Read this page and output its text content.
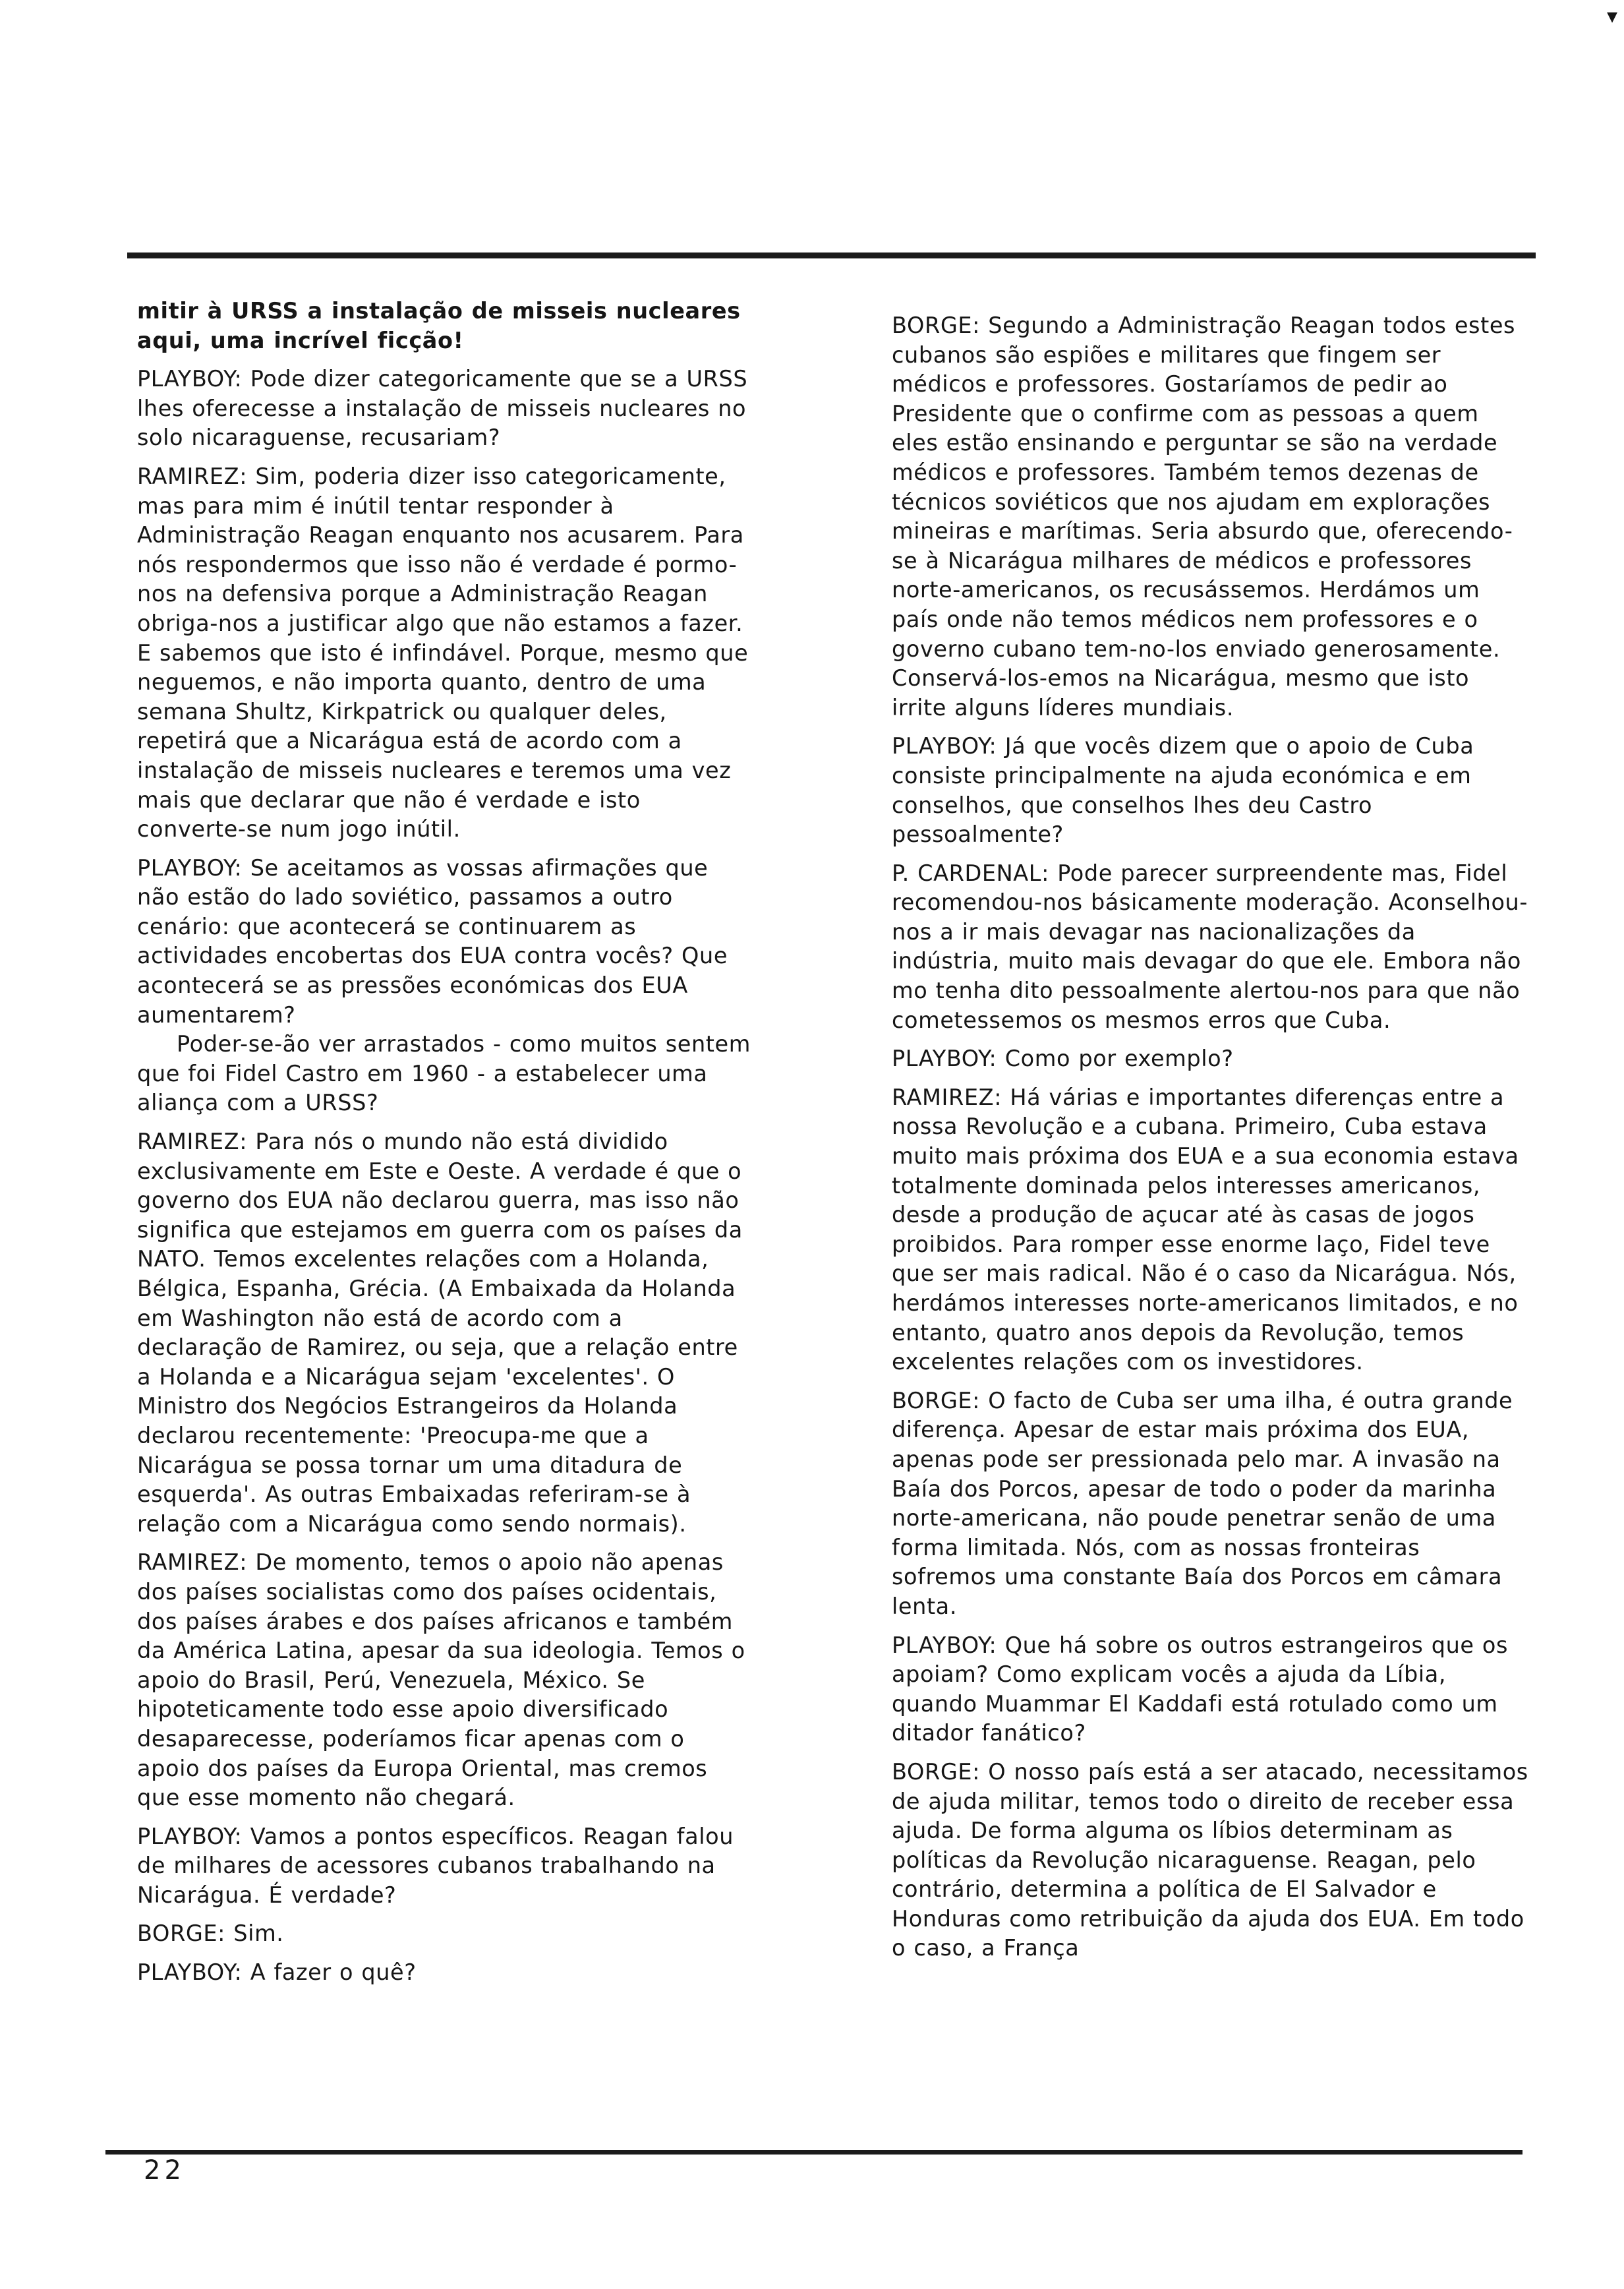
▾

mitir à URSS a instalação de misseis nucleares aqui, uma incrível ficção!

PLAYBOY: Pode dizer categoricamente que se a URSS lhes oferecesse a instalação de misseis nucleares no solo nicaraguense, recusariam?

RAMIREZ: Sim, poderia dizer isso categoricamente, mas para mim é inútil tentar responder à Administração Reagan enquanto nos acusarem. Para nós respondermos que isso não é verdade é pormo-nos na defensiva porque a Administração Reagan obriga-nos a justificar algo que não estamos a fazer. E sabemos que isto é infindável. Porque, mesmo que neguemos, e não importa quanto, dentro de uma semana Shultz, Kirkpatrick ou qualquer deles, repetirá que a Nicarágua está de acordo com a instalação de misseis nucleares e teremos uma vez mais que declarar que não é verdade e isto converte-se num jogo inútil.

PLAYBOY: Se aceitamos as vossas afirmações que não estão do lado soviético, passamos a outro cenário: que acontecerá se continuarem as actividades encobertas dos EUA contra vocês? Que acontecerá se as pressões económicas dos EUA aumentarem?

Poder-se-ão ver arrastados - como muitos sentem que foi Fidel Castro em 1960 - a estabelecer uma aliança com a URSS?

RAMIREZ: Para nós o mundo não está dividido exclusivamente em Este e Oeste. A verdade é que o governo dos EUA não declarou guerra, mas isso não significa que estejamos em guerra com os países da NATO. Temos excelentes relações com a Holanda, Bélgica, Espanha, Grécia. (A Embaixada da Holanda em Washington não está de acordo com a declaração de Ramirez, ou seja, que a relação entre a Holanda e a Nicarágua sejam 'excelentes'. O Ministro dos Negócios Estrangeiros da Holanda declarou recentemente: 'Preocupa-me que a Nicarágua se possa tornar um uma ditadura de esquerda'. As outras Embaixadas referiram-se à relação com a Nicarágua como sendo normais).

RAMIREZ: De momento, temos o apoio não apenas dos países socialistas como dos países ocidentais, dos países árabes e dos países africanos e também da América Latina, apesar da sua ideologia. Temos o apoio do Brasil, Perú, Venezuela, México. Se hipoteticamente todo esse apoio diversificado desaparecesse, poderíamos ficar apenas com o apoio dos países da Europa Oriental, mas cremos que esse momento não chegará.

PLAYBOY: Vamos a pontos específicos. Reagan falou de milhares de acessores cubanos trabalhando na Nicarágua. É verdade?

BORGE: Sim.

PLAYBOY: A fazer o quê?

BORGE: Segundo a Administração Reagan todos estes cubanos são espiões e militares que fingem ser médicos e professores. Gostaríamos de pedir ao Presidente que o confirme com as pessoas a quem eles estão ensinando e perguntar se são na verdade médicos e professores. Também temos dezenas de técnicos soviéticos que nos ajudam em explorações mineiras e marítimas. Seria absurdo que, oferecendo-se à Nicarágua milhares de médicos e professores norte-americanos, os recusássemos. Herdámos um país onde não temos médicos nem professores e o governo cubano tem-no-los enviado generosamente. Conservá-los-emos na Nicarágua, mesmo que isto irrite alguns líderes mundiais.

PLAYBOY: Já que vocês dizem que o apoio de Cuba consiste principalmente na ajuda económica e em conselhos, que conselhos lhes deu Castro pessoalmente?

P. CARDENAL: Pode parecer surpreendente mas, Fidel recomendou-nos básicamente moderação. Aconselhou-nos a ir mais devagar nas nacionalizações da indústria, muito mais devagar do que ele. Embora não mo tenha dito pessoalmente alertou-nos para que não cometessemos os mesmos erros que Cuba.

PLAYBOY: Como por exemplo?

RAMIREZ: Há várias e importantes diferenças entre a nossa Revolução e a cubana. Primeiro, Cuba estava muito mais próxima dos EUA e a sua economia estava totalmente dominada pelos interesses americanos, desde a produção de açucar até às casas de jogos proibidos. Para romper esse enorme laço, Fidel teve que ser mais radical. Não é o caso da Nicarágua. Nós, herdámos interesses norte-americanos limitados, e no entanto, quatro anos depois da Revolução, temos excelentes relações com os investidores.

BORGE: O facto de Cuba ser uma ilha, é outra grande diferença. Apesar de estar mais próxima dos EUA, apenas pode ser pressionada pelo mar. A invasão na Baía dos Porcos, apesar de todo o poder da marinha norte-americana, não poude penetrar senão de uma forma limitada. Nós, com as nossas fronteiras sofremos uma constante Baía dos Porcos em câmara lenta.

PLAYBOY: Que há sobre os outros estrangeiros que os apoiam? Como explicam vocês a ajuda da Líbia, quando Muammar El Kaddafi está rotulado como um ditador fanático?

BORGE: O nosso país está a ser atacado, necessitamos de ajuda militar, temos todo o direito de receber essa ajuda. De forma alguma os líbios determinam as políticas da Revolução nicaraguense. Reagan, pelo contrário, determina a política de El Salvador e Honduras como retribuição da ajuda dos EUA. Em todo o caso, a França

22
